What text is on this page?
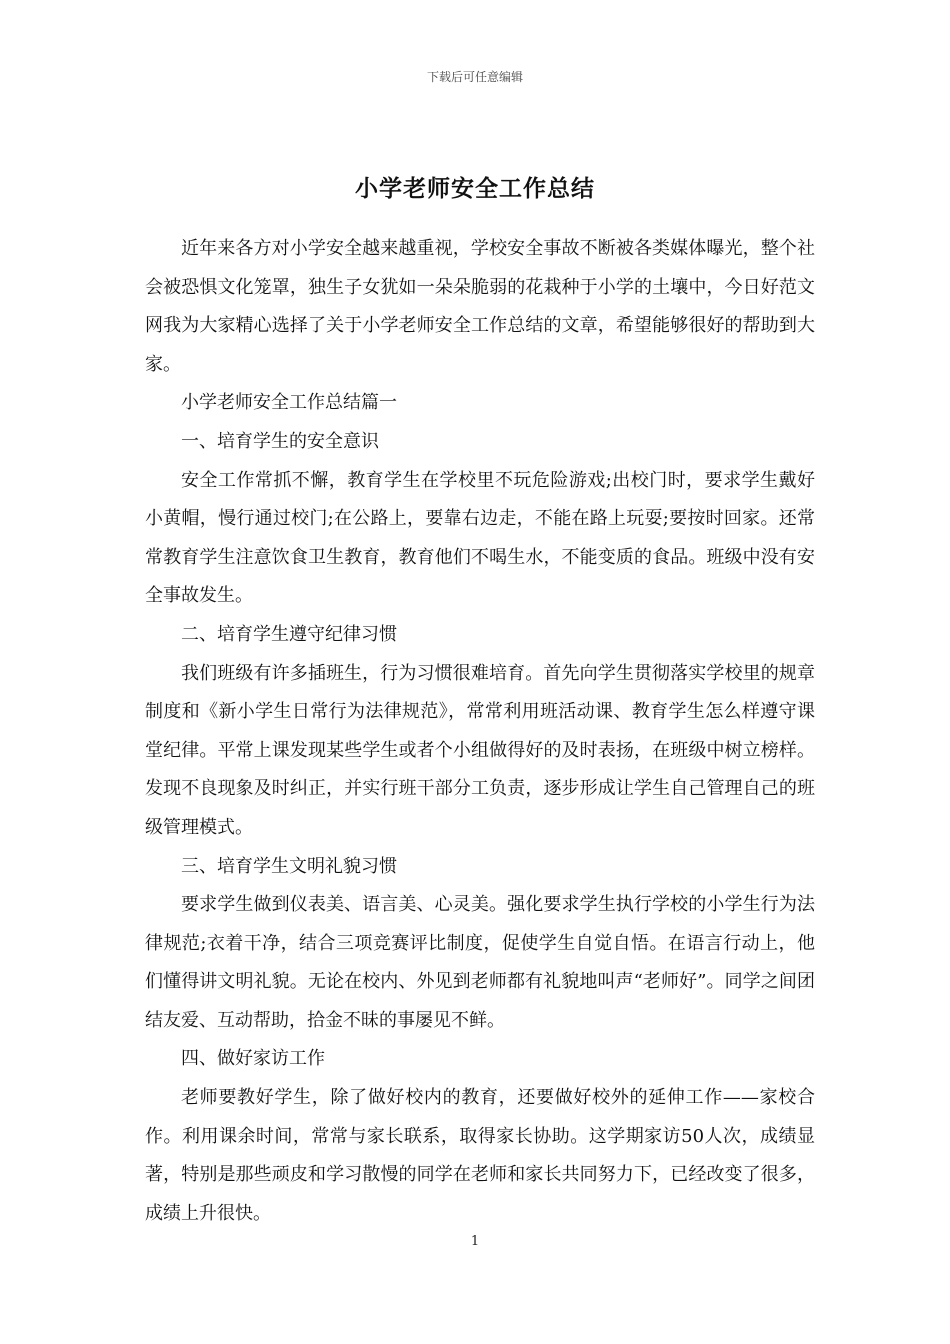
下载后可任意编辑
小学老师安全工作总结

近年来各方对小学安全越来越重视，学校安全事故不断被各类媒体曝光，整个社会被恐惧文化笼罩，独生子女犹如一朵朵脆弱的花栽种于小学的土壤中，今日好范文网我为大家精心选择了关于小学老师安全工作总结的文章，希望能够很好的帮助到大家。

小学老师安全工作总结篇一

一、培育学生的安全意识

安全工作常抓不懈，教育学生在学校里不玩危险游戏;出校门时，要求学生戴好小黄帽，慢行通过校门;在公路上，要靠右边走，不能在路上玩耍;要按时回家。还常常教育学生注意饮食卫生教育，教育他们不喝生水，不能变质的食品。班级中没有安全事故发生。

二、培育学生遵守纪律习惯

我们班级有许多插班生，行为习惯很难培育。首先向学生贯彻落实学校里的规章制度和《新小学生日常行为法律规范》，常常利用班活动课、教育学生怎么样遵守课堂纪律。平常上课发现某些学生或者个小组做得好的及时表扬，在班级中树立榜样。发现不良现象及时纠正，并实行班干部分工负责，逐步形成让学生自己管理自己的班级管理模式。

三、培育学生文明礼貌习惯

要求学生做到仪表美、语言美、心灵美。强化要求学生执行学校的小学生行为法律规范;衣着干净，结合三项竞赛评比制度，促使学生自觉自悟。在语言行动上，他们懂得讲文明礼貌。无论在校内、外见到老师都有礼貌地叫声“老师好”。同学之间团结友爱、互动帮助，拾金不昧的事屡见不鲜。

四、做好家访工作

老师要教好学生，除了做好校内的教育，还要做好校外的延伸工作——家校合作。利用课余时间，常常与家长联系，取得家长协助。这学期家访50人次，成绩显著，特别是那些顽皮和学习散慢的同学在老师和家长共同努力下，已经改变了很多，成绩上升很快。

1
